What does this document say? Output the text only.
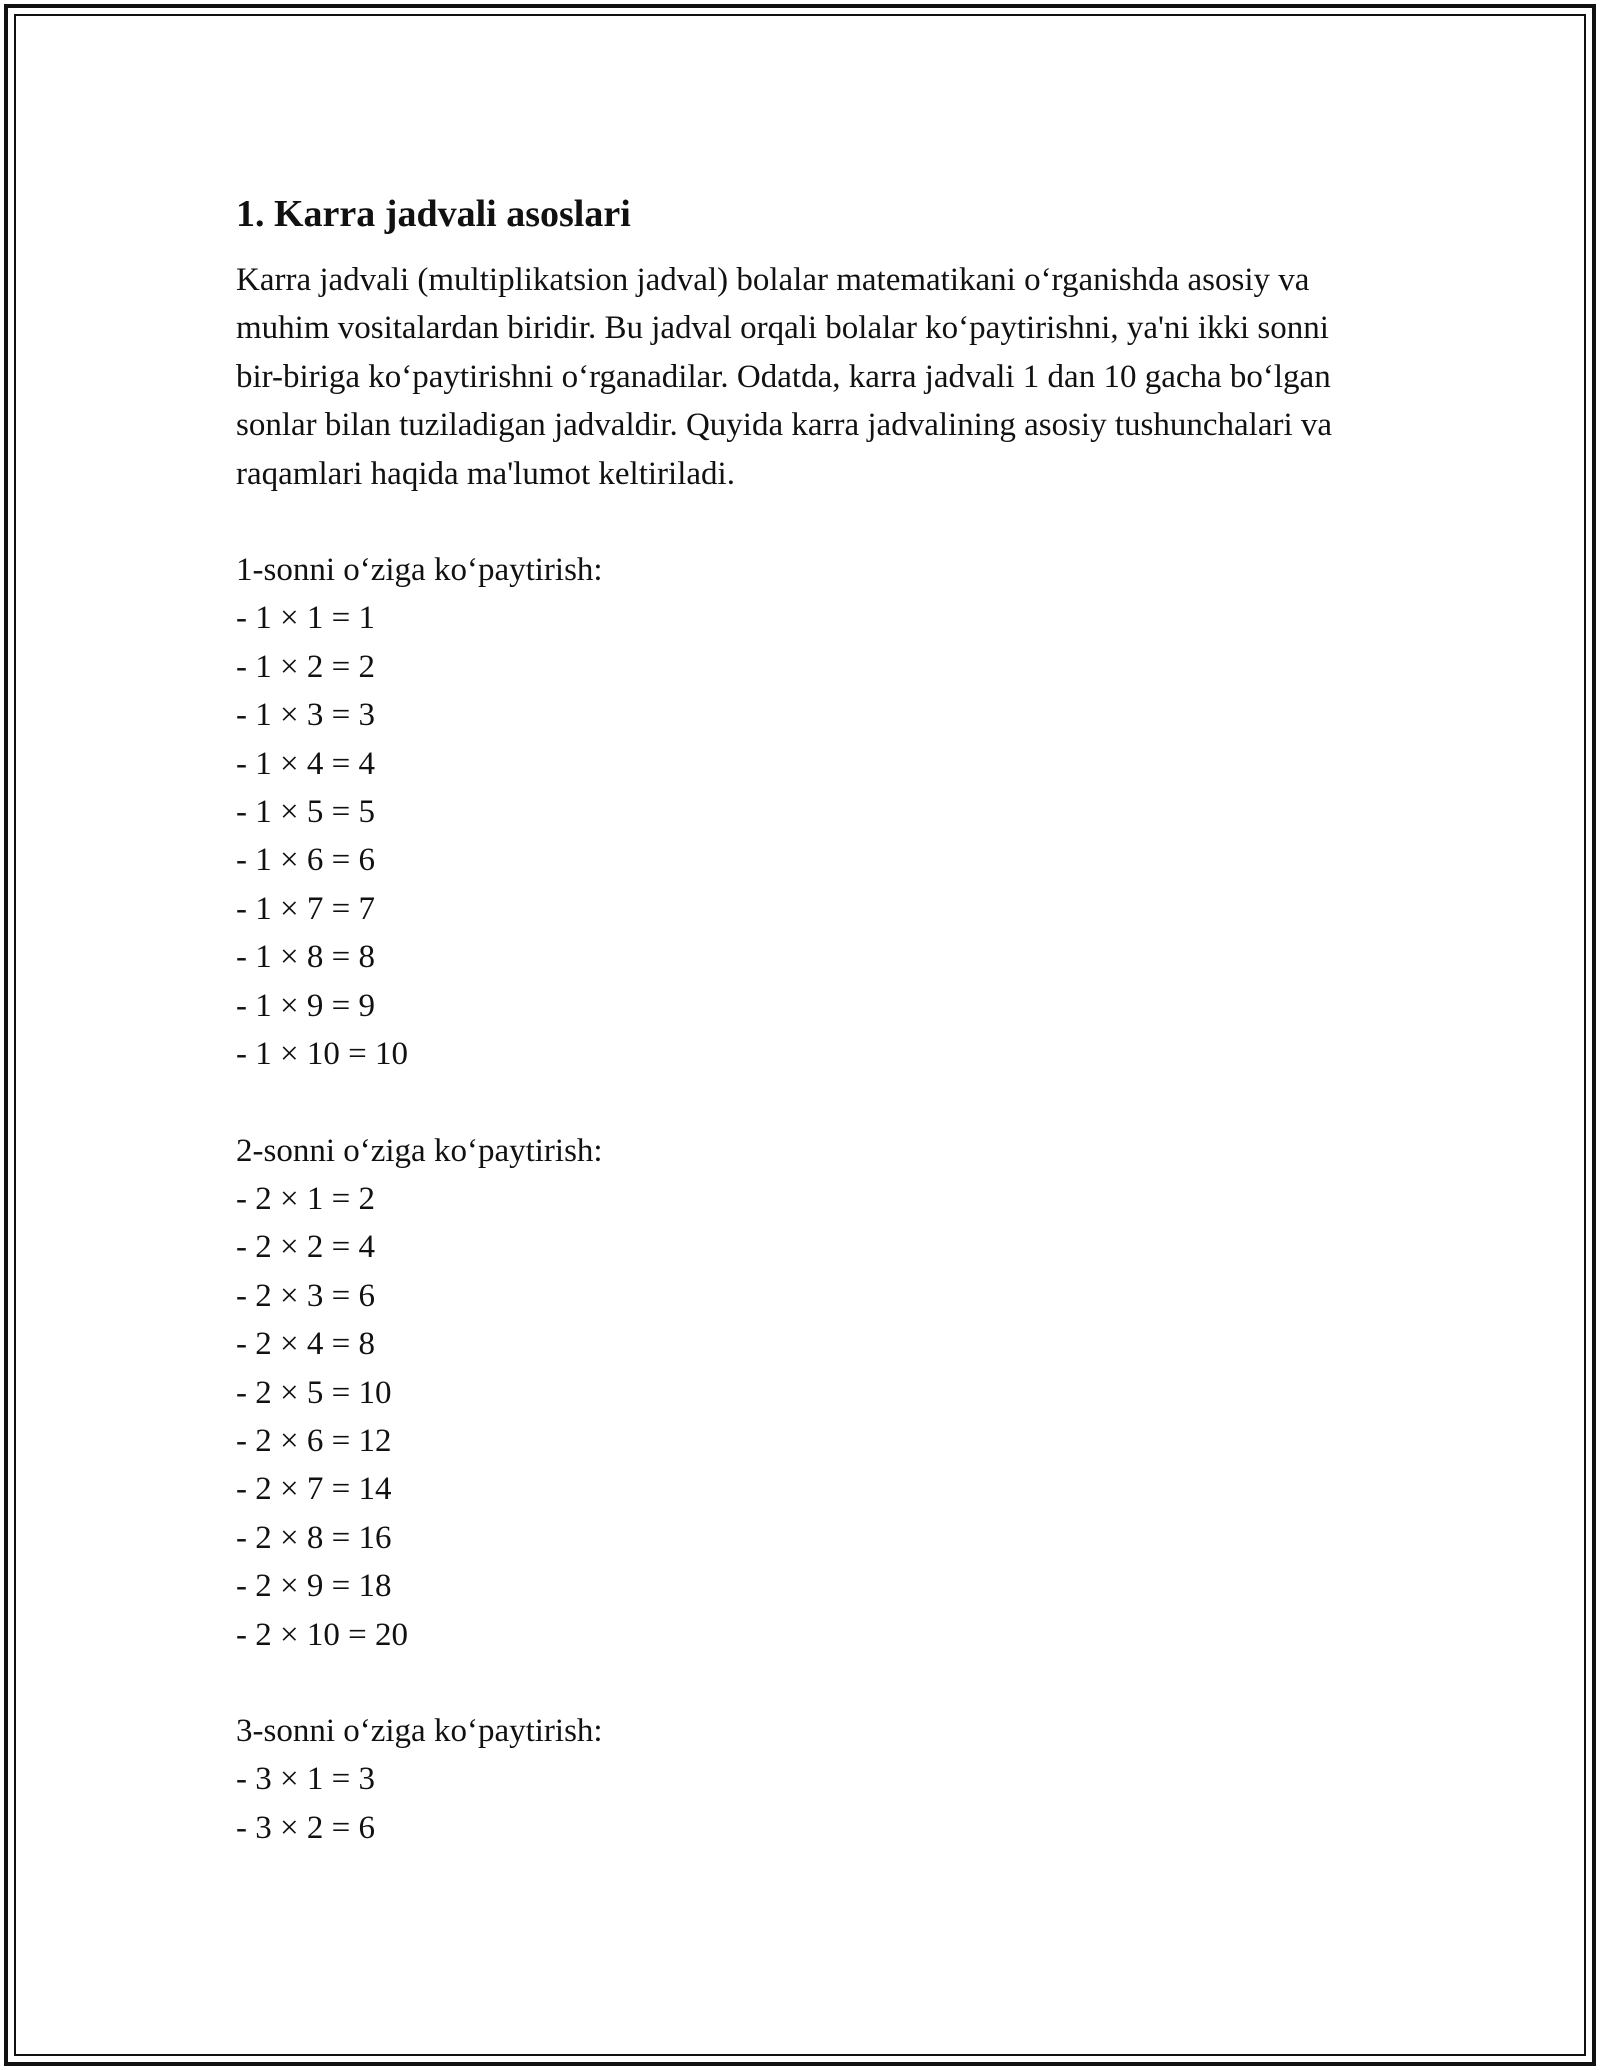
1. Karra jadvali asoslari

Karra jadvali (multiplikatsion jadval) bolalar matematikani o‘rganishda asosiy va muhim vositalardan biridir. Bu jadval orqali bolalar ko‘paytirishni, ya'ni ikki sonni bir-biriga ko‘paytirishni o‘rganadilar. Odatda, karra jadvali 1 dan 10 gacha bo‘lgan sonlar bilan tuziladigan jadvaldir. Quyida karra jadvalining asosiy tushunchalari va raqamlari haqida ma'lumot keltiriladi.

1-sonni o‘ziga ko‘paytirish:
- 1 × 1 = 1
- 1 × 2 = 2
- 1 × 3 = 3
- 1 × 4 = 4
- 1 × 5 = 5
- 1 × 6 = 6
- 1 × 7 = 7
- 1 × 8 = 8
- 1 × 9 = 9
- 1 × 10 = 10
2-sonni o‘ziga ko‘paytirish:
- 2 × 1 = 2
- 2 × 2 = 4
- 2 × 3 = 6
- 2 × 4 = 8
- 2 × 5 = 10
- 2 × 6 = 12
- 2 × 7 = 14
- 2 × 8 = 16
- 2 × 9 = 18
- 2 × 10 = 20
3-sonni o‘ziga ko‘paytirish:
- 3 × 1 = 3
- 3 × 2 = 6
